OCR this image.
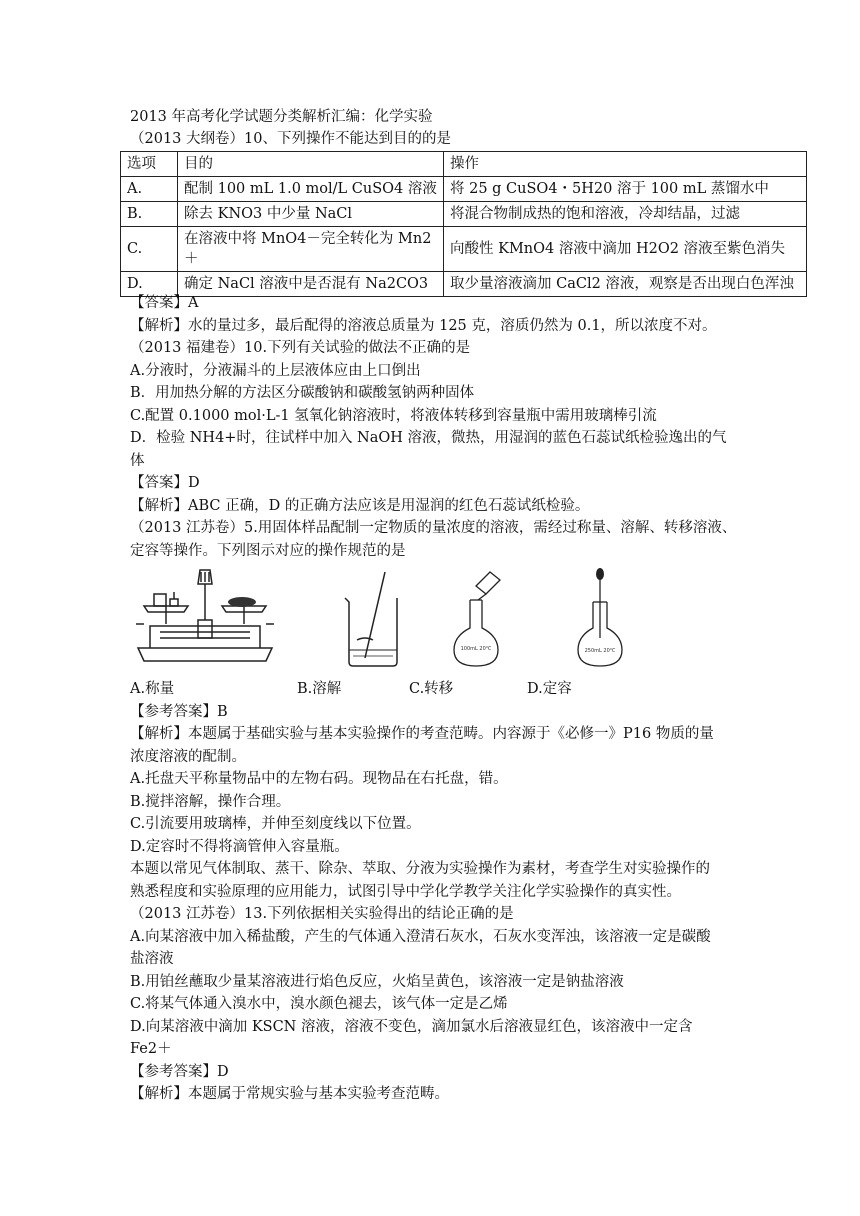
2013 年高考化学试题分类解析汇编：化学实验
（2013 大纲卷）10、下列操作不能达到目的的是
选项	目的	操作
A.	配制 100 mL 1.0 mol/L CuSO4 溶液	将 25 g CuSO4・5H20 溶于 100 mL 蒸馏水中
B.	除去 KNO3 中少量 NaCl	将混合物制成热的饱和溶液，冷却结晶，过滤
C.	在溶液中将 MnO4－完全转化为 Mn2＋	向酸性 KMnO4 溶液中滴加 H2O2 溶液至紫色消失
D.	确定 NaCl 溶液中是否混有 Na2CO3	取少量溶液滴加 CaCl2 溶液，观察是否出现白色浑浊
【答案】A
【解析】水的量过多，最后配得的溶液总质量为 125 克，溶质仍然为 0.1，所以浓度不对。
（2013 福建卷）10.下列有关试验的做法不正确的是
A.分液时，分液漏斗的上层液体应由上口倒出
B．用加热分解的方法区分碳酸钠和碳酸氢钠两种固体
C.配置 0.1000 mol·L-1 氢氧化钠溶液时，将液体转移到容量瓶中需用玻璃棒引流
D．检验 NH4+时，往试样中加入 NaOH 溶液，微热，用湿润的蓝色石蕊试纸检验逸出的气
体
【答案】D
【解析】ABC 正确，D 的正确方法应该是用湿润的红色石蕊试纸检验。
（2013 江苏卷）5.用固体样品配制一定物质的量浓度的溶液，需经过称量、溶解、转移溶液、
定容等操作。下列图示对应的操作规范的是
100mL 20℃	250mL 20℃
A.称量	B.溶解	C.转移	D.定容
【参考答案】B
【解析】本题属于基础实验与基本实验操作的考查范畴。内容源于《必修一》P16 物质的量
浓度溶液的配制。
A.托盘天平称量物品中的左物右码。现物品在右托盘，错。
B.搅拌溶解，操作合理。
C.引流要用玻璃棒，并伸至刻度线以下位置。
D.定容时不得将滴管伸入容量瓶。
本题以常见气体制取、蒸干、除杂、萃取、分液为实验操作为素材，考查学生对实验操作的
熟悉程度和实验原理的应用能力，试图引导中学化学教学关注化学实验操作的真实性。
（2013 江苏卷）13.下列依据相关实验得出的结论正确的是
A.向某溶液中加入稀盐酸，产生的气体通入澄清石灰水，石灰水变浑浊，该溶液一定是碳酸
盐溶液
B.用铂丝蘸取少量某溶液进行焰色反应，火焰呈黄色，该溶液一定是钠盐溶液
C.将某气体通入溴水中，溴水颜色褪去，该气体一定是乙烯
D.向某溶液中滴加 KSCN 溶液，溶液不变色，滴加氯水后溶液显红色，该溶液中一定含
Fe2＋
【参考答案】D
【解析】本题属于常规实验与基本实验考查范畴。
